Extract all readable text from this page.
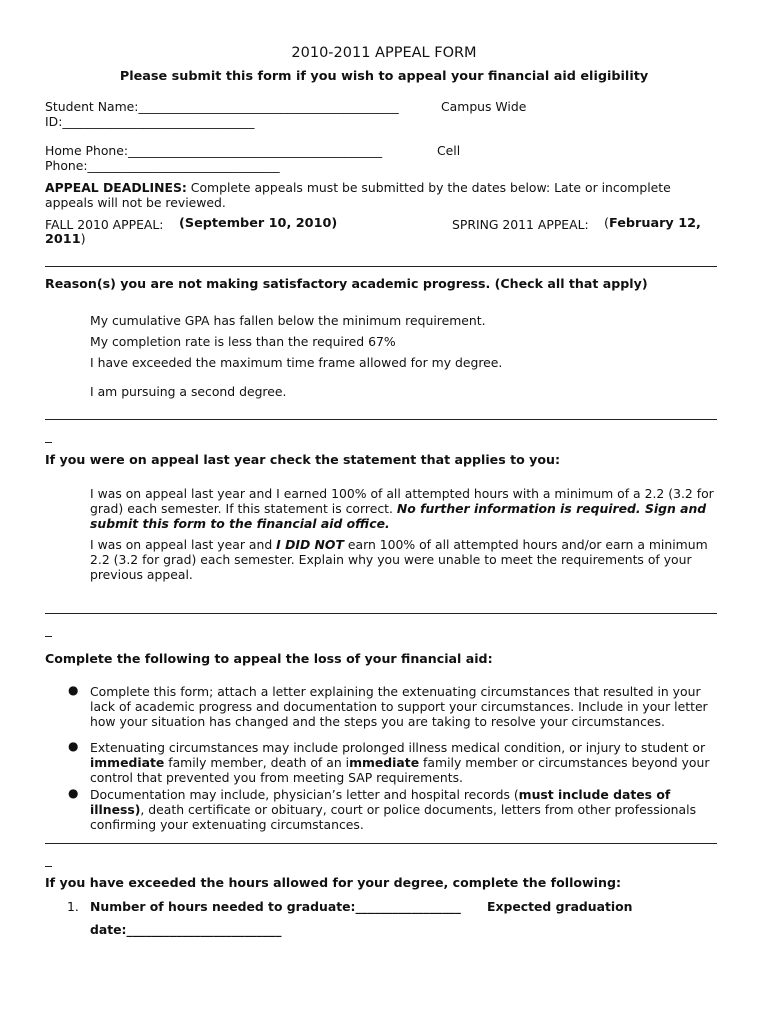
2010-2011 APPEAL FORM
Please submit this form if you wish to appeal your financial aid eligibility
Student Name:__________________________________________	Campus Wide
ID:_______________________________
Home Phone:_________________________________________	Cell
Phone:_______________________________
APPEAL DEADLINES: Complete appeals must be submitted by the dates below: Late or incomplete
appeals will not be reviewed.
FALL 2010 APPEAL: (September 10, 2010)	SPRING 2011 APPEAL: (February 12,
2011)
Reason(s) you are not making satisfactory academic progress. (Check all that apply)
My cumulative GPA has fallen below the minimum requirement.
My completion rate is less than the required 67%
I have exceeded the maximum time frame allowed for my degree.
I am pursuing a second degree.
If you were on appeal last year check the statement that applies to you:
I was on appeal last year and I earned 100% of all attempted hours with a minimum of a 2.2 (3.2 for grad) each semester. If this statement is correct. No further information is required. Sign and submit this form to the financial aid office.
I was on appeal last year and I DID NOT earn 100% of all attempted hours and/or earn a minimum 2.2 (3.2 for grad) each semester. Explain why you were unable to meet the requirements of your previous appeal.
Complete the following to appeal the loss of your financial aid:
● Complete this form; attach a letter explaining the extenuating circumstances that resulted in your lack of academic progress and documentation to support your circumstances. Include in your letter how your situation has changed and the steps you are taking to resolve your circumstances.
● Extenuating circumstances may include prolonged illness medical condition, or injury to student or immediate family member, death of an immediate family member or circumstances beyond your control that prevented you from meeting SAP requirements.
● Documentation may include, physician’s letter and hospital records (must include dates of illness), death certificate or obituary, court or police documents, letters from other professionals confirming your extenuating circumstances.
If you have exceeded the hours allowed for your degree, complete the following:
1. Number of hours needed to graduate:_________________ Expected graduation
date:_________________________
